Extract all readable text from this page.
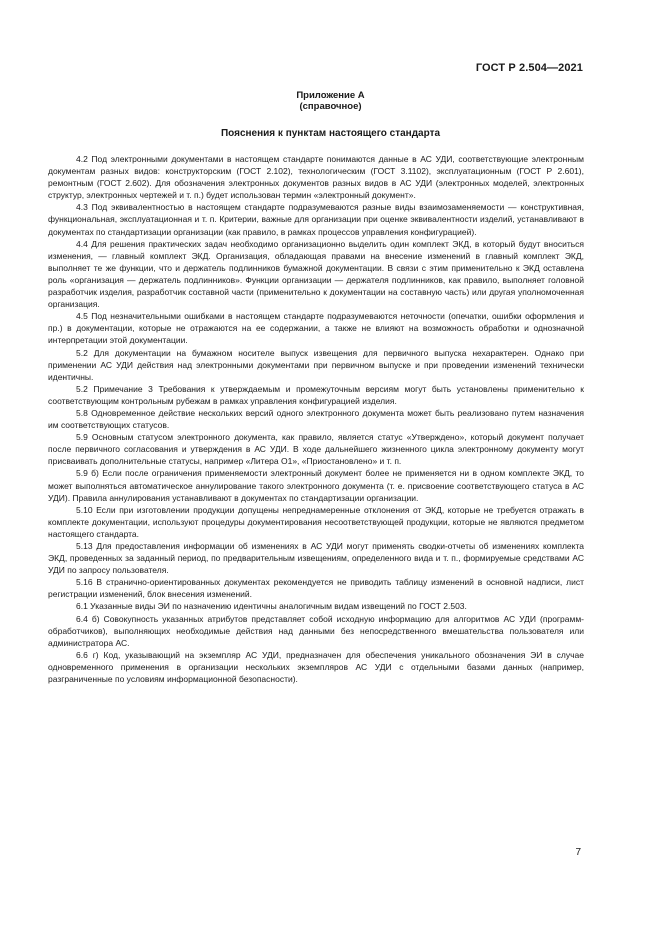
ГОСТ Р 2.504—2021
Приложение А
(справочное)
Пояснения к пунктам настоящего стандарта

4.2 Под электронными документами в настоящем стандарте понимаются данные в АС УДИ, соответствующие электронным документам разных видов: конструкторским (ГОСТ 2.102), технологическим (ГОСТ 3.1102), эксплуатационным (ГОСТ Р 2.601), ремонтным (ГОСТ 2.602). Для обозначения электронных документов разных видов в АС УДИ (электронных моделей, электронных структур, электронных чертежей и т. п.) будет использован термин «электронный документ».

4.3 Под эквивалентностью в настоящем стандарте подразумеваются разные виды взаимозаменяемости — конструктивная, функциональная, эксплуатационная и т. п. Критерии, важные для организации при оценке эквивалентности изделий, устанавливают в документах по стандартизации организации (как правило, в рамках процессов управления конфигурацией).

4.4 Для решения практических задач необходимо организационно выделить один комплект ЭКД, в который будут вноситься изменения, — главный комплект ЭКД. Организация, обладающая правами на внесение изменений в главный комплект ЭКД, выполняет те же функции, что и держатель подлинников бумажной документации. В связи с этим применительно к ЭКД оставлена роль «организация — держатель подлинников». Функции организации — держателя подлинников, как правило, выполняет головной разработчик изделия, разработчик составной части (применительно к документации на составную часть) или другая уполномоченная организация.

4.5 Под незначительными ошибками в настоящем стандарте подразумеваются неточности (опечатки, ошибки оформления и пр.) в документации, которые не отражаются на ее содержании, а также не влияют на возможность обработки и однозначной интерпретации этой документации.

5.2 Для документации на бумажном носителе выпуск извещения для первичного выпуска нехарактерен. Однако при применении АС УДИ действия над электронными документами при первичном выпуске и при проведении изменений технически идентичны.

5.2 Примечание 3 Требования к утверждаемым и промежуточным версиям могут быть установлены применительно к соответствующим контрольным рубежам в рамках управления конфигурацией изделия.

5.8 Одновременное действие нескольких версий одного электронного документа может быть реализовано путем назначения им соответствующих статусов.

5.9 Основным статусом электронного документа, как правило, является статус «Утверждено», который документ получает после первичного согласования и утверждения в АС УДИ. В ходе дальнейшего жизненного цикла электронному документу могут присваивать дополнительные статусы, например «Литера О1», «Приостановлено» и т. п.

5.9 б) Если после ограничения применяемости электронный документ более не применяется ни в одном комплекте ЭКД, то может выполняться автоматическое аннулирование такого электронного документа (т. е. присвоение соответствующего статуса в АС УДИ). Правила аннулирования устанавливают в документах по стандартизации организации.

5.10 Если при изготовлении продукции допущены непреднамеренные отклонения от ЭКД, которые не требуется отражать в комплекте документации, используют процедуры документирования несоответствующей продукции, которые не являются предметом настоящего стандарта.

5.13 Для предоставления информации об изменениях в АС УДИ могут применять сводки-отчеты об изменениях комплекта ЭКД, проведенных за заданный период, по предварительным извещениям, определенного вида и т. п., формируемые средствами АС УДИ по запросу пользователя.

5.16 В странично-ориентированных документах рекомендуется не приводить таблицу изменений в основной надписи, лист регистрации изменений, блок внесения изменений.

6.1 Указанные виды ЭИ по назначению идентичны аналогичным видам извещений по ГОСТ 2.503.

6.4 б) Совокупность указанных атрибутов представляет собой исходную информацию для алгоритмов АС УДИ (программ-обработчиков), выполняющих необходимые действия над данными без непосредственного вмешательства пользователя или администратора АС.

6.6 г) Код, указывающий на экземпляр АС УДИ, предназначен для обеспечения уникального обозначения ЭИ в случае одновременного применения в организации нескольких экземпляров АС УДИ с отдельными базами данных (например, разграниченные по условиям информационной безопасности).

7
